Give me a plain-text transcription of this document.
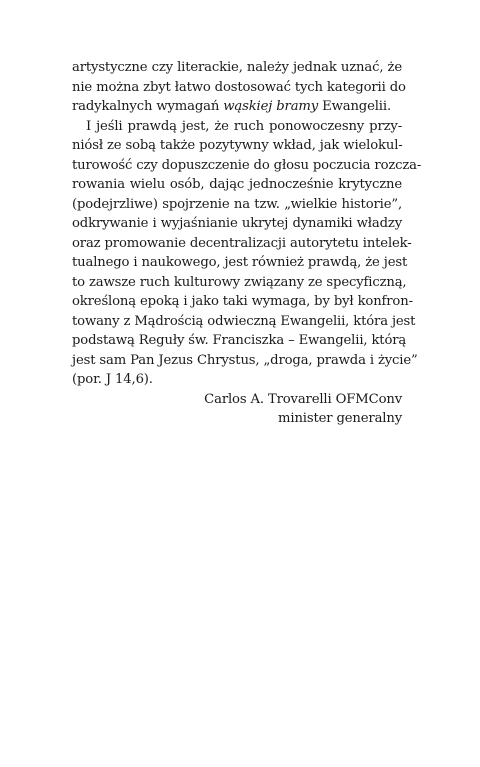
artystyczne czy literackie, należy jednak uznać, że
nie można zbyt łatwo dostosować tych kategorii do
radykalnych wymagań wąskiej bramy Ewangelii.
I jeśli prawdą jest, że ruch ponowoczesny przy-
niósł ze sobą także pozytywny wkład, jak wielokul-
turowość czy dopuszczenie do głosu poczucia rozcza-
rowania wielu osób, dając jednocześnie krytyczne
(podejrzliwe) spojrzenie na tzw. „wielkie historie”,
odkrywanie i wyjaśnianie ukrytej dynamiki władzy
oraz promowanie decentralizacji autorytetu intelek-
tualnego i naukowego, jest również prawdą, że jest
to zawsze ruch kulturowy związany ze specyficzną,
określoną epoką i jako taki wymaga, by był konfron-
towany z Mądrością odwieczną Ewangelii, która jest
podstawą Reguły św. Franciszka – Ewangelii, którą
jest sam Pan Jezus Chrystus, „droga, prawda i życie”
(por. J 14,6).
Carlos A. Trovarelli OFMConv
minister generalny
